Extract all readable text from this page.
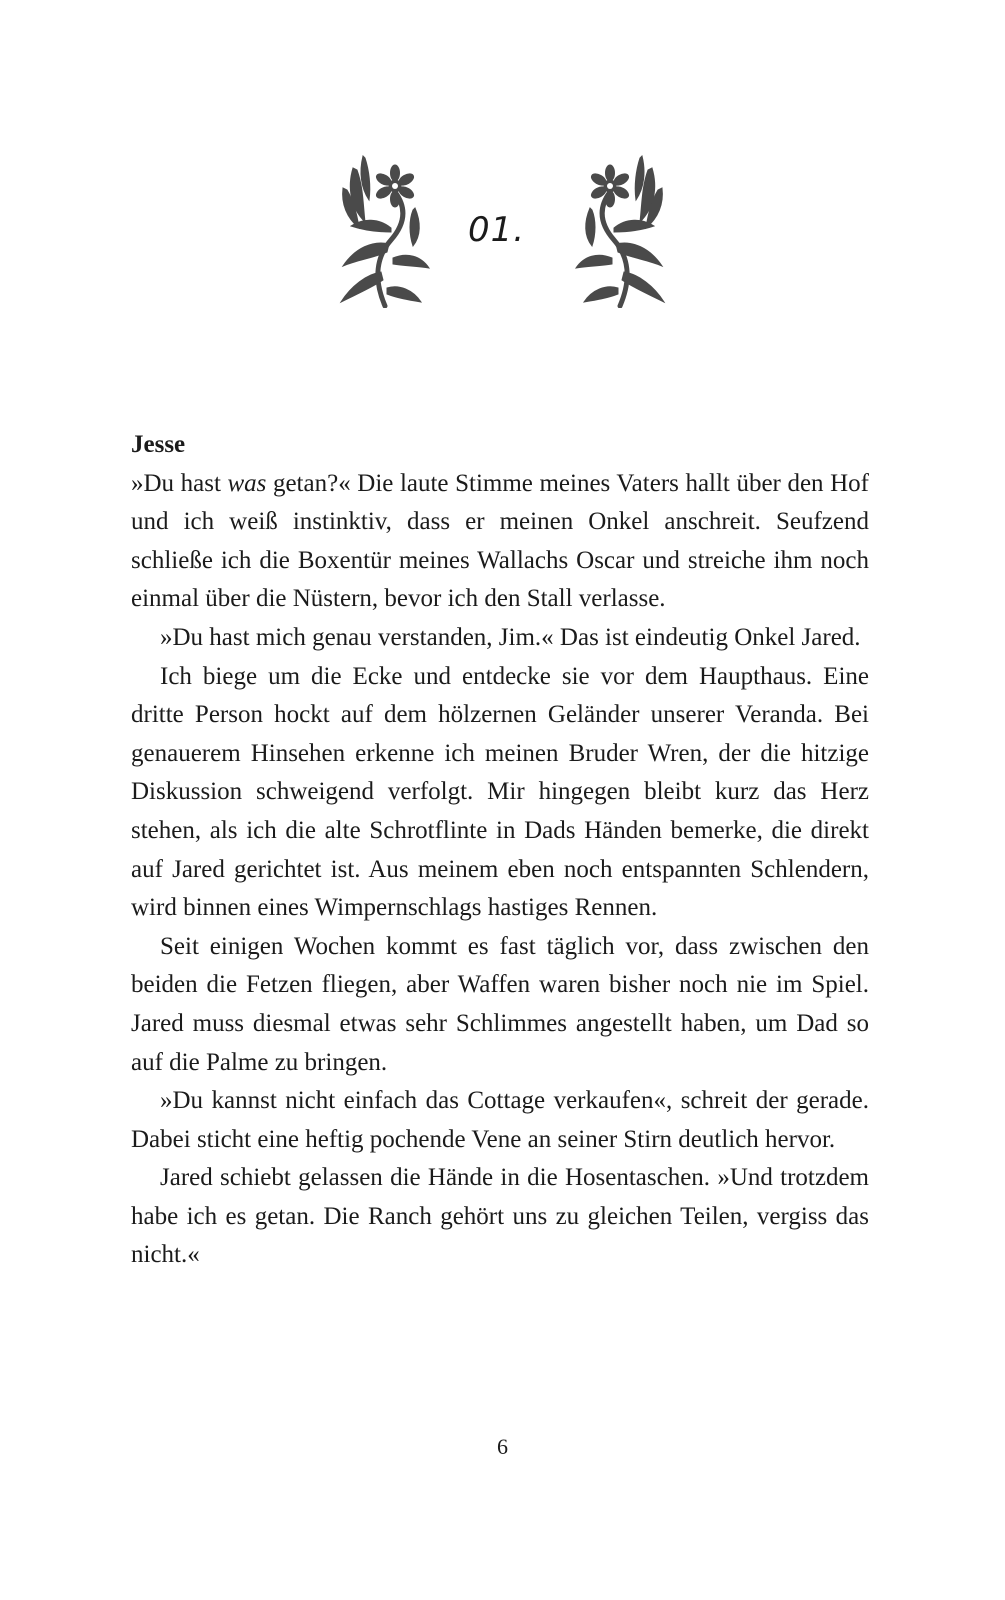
01.

Jesse

»Du hast was getan?« Die laute Stimme meines Vaters hallt über den Hof und ich weiß instinktiv, dass er meinen Onkel anschreit. Seufzend schließe ich die Boxentür meines Wallachs Oscar und streiche ihm noch einmal über die Nüstern, bevor ich den Stall verlasse.

»Du hast mich genau verstanden, Jim.« Das ist eindeutig Onkel Jared.

Ich biege um die Ecke und entdecke sie vor dem Haupthaus. Eine dritte Person hockt auf dem hölzernen Geländer unserer Veranda. Bei genauerem Hinsehen erkenne ich meinen Bruder Wren, der die hitzige Diskussion schweigend verfolgt. Mir hingegen bleibt kurz das Herz stehen, als ich die alte Schrotflinte in Dads Händen bemerke, die direkt auf Jared gerichtet ist. Aus meinem eben noch entspannten Schlendern, wird binnen eines Wimpernschlags hastiges Rennen.

Seit einigen Wochen kommt es fast täglich vor, dass zwischen den beiden die Fetzen fliegen, aber Waffen waren bisher noch nie im Spiel. Jared muss diesmal etwas sehr Schlimmes angestellt haben, um Dad so auf die Palme zu bringen.

»Du kannst nicht einfach das Cottage verkaufen«, schreit der gerade. Dabei sticht eine heftig pochende Vene an seiner Stirn deutlich hervor.

Jared schiebt gelassen die Hände in die Hosentaschen. »Und trotzdem habe ich es getan. Die Ranch gehört uns zu gleichen Teilen, vergiss das nicht.«

6
